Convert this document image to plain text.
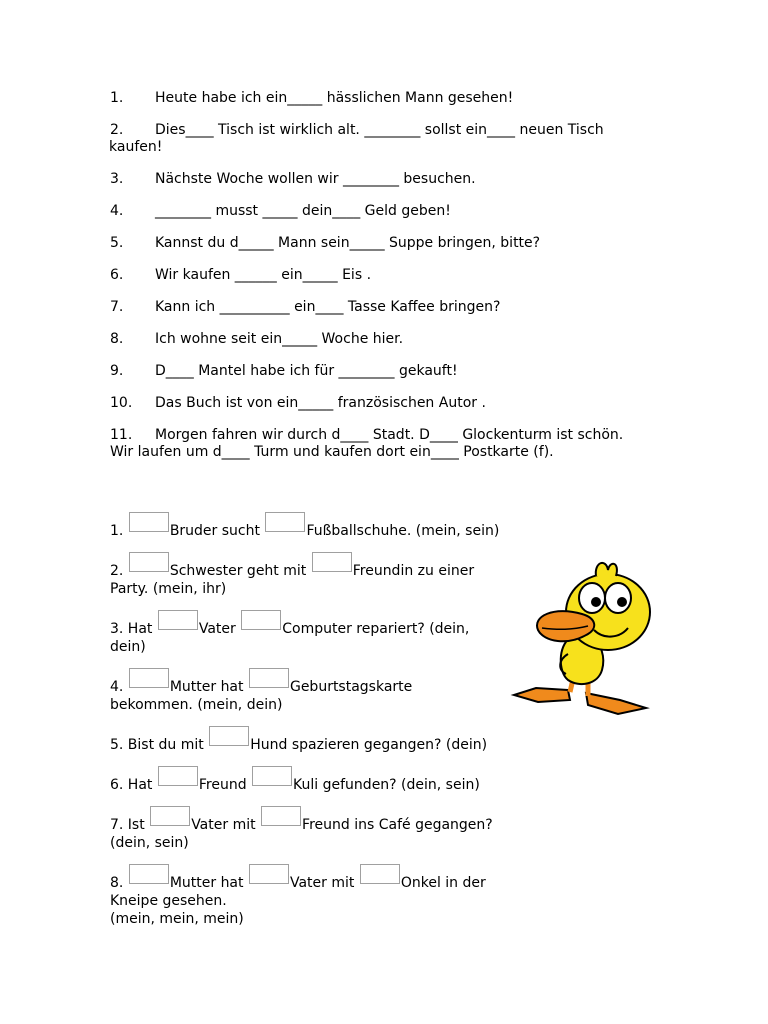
1. Heute habe ich ein_____ hässlichen Mann gesehen!
2. Dies____ Tisch ist wirklich alt. ________ sollst ein____ neuen Tisch
kaufen!
3. Nächste Woche wollen wir ________ besuchen.
4. ________ musst _____ dein____ Geld geben!
5. Kannst du d_____ Mann sein_____ Suppe bringen, bitte?
6. Wir kaufen ______ ein_____ Eis .
7. Kann ich __________ ein____ Tasse Kaffee bringen?
8. Ich wohne seit ein_____ Woche hier.
9. D____ Mantel habe ich für ________ gekauft!
10. Das Buch ist von ein_____ französischen Autor .
11. Morgen fahren wir durch d____ Stadt. D____ Glockenturm ist schön.
Wir laufen um d____ Turm und kaufen dort ein____ Postkarte (f).
1.	Bruder sucht	Fußballschuhe. (mein, sein)
2.	Schwester geht mit	Freundin zu einer
Party. (mein, ihr)
3. Hat	Vater	Computer repariert? (dein,
dein)
4.	Mutter hat	Geburtstagskarte
bekommen. (mein, dein)
5. Bist du mit	Hund spazieren gegangen? (dein)
6. Hat	Freund	Kuli gefunden? (dein, sein)
7. Ist	Vater mit	Freund ins Café gegangen? (dein, sein)
8.	Mutter hat	Vater mit	Onkel in der Kneipe gesehen.
(mein, mein, mein)
